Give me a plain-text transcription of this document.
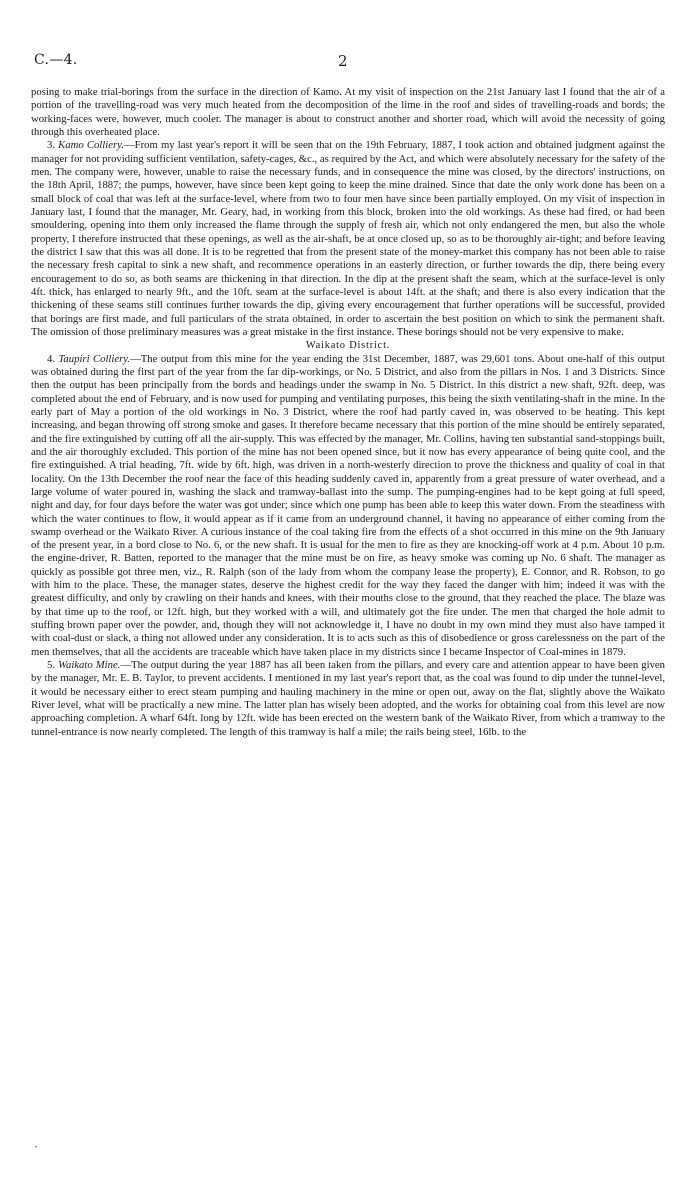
C.—4.	2

posing to make trial-borings from the surface in the direction of Kamo. At my visit of inspection on the 21st January last I found that the air of a portion of the travelling-road was very much heated from the decomposition of the lime in the roof and sides of travelling-roads and bords; the working-faces were, however, much cooler. The manager is about to construct another and shorter road, which will avoid the necessity of going through this overheated place.

3. Kamo Colliery.—From my last year's report it will be seen that on the 19th February, 1887, I took action and obtained judgment against the manager for not providing sufficient ventilation, safety-cages, &c., as required by the Act, and which were absolutely necessary for the safety of the men. The company were, however, unable to raise the necessary funds, and in consequence the mine was closed, by the directors' instructions, on the 18th April, 1887; the pumps, however, have since been kept going to keep the mine drained. Since that date the only work done has been on a small block of coal that was left at the surface-level, where from two to four men have since been partially employed. On my visit of inspection in January last, I found that the manager, Mr. Geary, had, in working from this block, broken into the old workings. As these had fired, or had been smouldering, opening into them only increased the flame through the supply of fresh air, which not only endangered the men, but also the whole property, I therefore instructed that these openings, as well as the air-shaft, be at once closed up, so as to be thoroughly air-tight; and before leaving the district I saw that this was all done. It is to be regretted that from the present state of the money-market this company has not been able to raise the necessary fresh capital to sink a new shaft, and recommence operations in an easterly direction, or further towards the dip, there being every encouragement to do so, as both seams are thickening in that direction. In the dip at the present shaft the seam, which at the surface-level is only 4ft. thick, has enlarged to nearly 9ft., and the 10ft. seam at the surface-level is about 14ft. at the shaft; and there is also every indication that the thickening of these seams still continues further towards the dip, giving every encouragement that further operations will be successful, provided that borings are first made, and full particulars of the strata obtained, in order to ascertain the best position on which to sink the permanent shaft. The omission of those preliminary measures was a great mistake in the first instance. These borings should not be very expensive to make.

Waikato District.

4. Taupiri Colliery.—The output from this mine for the year ending the 31st December, 1887, was 29,601 tons. About one-half of this output was obtained during the first part of the year from the far dip-workings, or No. 5 District, and also from the pillars in Nos. 1 and 3 Districts. Since then the output has been principally from the bords and headings under the swamp in No. 5 District. In this district a new shaft, 92ft. deep, was completed about the end of February, and is now used for pumping and ventilating purposes, this being the sixth ventilating-shaft in the mine. In the early part of May a portion of the old workings in No. 3 District, where the roof had partly caved in, was observed to be heating. This kept increasing, and began throwing off strong smoke and gases. It therefore became necessary that this portion of the mine should be entirely separated, and the fire extinguished by cutting off all the air-supply. This was effected by the manager, Mr. Collins, having ten substantial sand-stoppings built, and the air thoroughly excluded. This portion of the mine has not been opened since, but it now has every appearance of being quite cool, and the fire extinguished. A trial heading, 7ft. wide by 6ft. high, was driven in a north-westerly direction to prove the thickness and quality of coal in that locality. On the 13th December the roof near the face of this heading suddenly caved in, apparently from a great pressure of water overhead, and a large volume of water poured in, washing the slack and tramway-ballast into the sump. The pumping-engines had to be kept going at full speed, night and day, for four days before the water was got under; since which one pump has been able to keep this water down. From the steadiness with which the water continues to flow, it would appear as if it came from an underground channel, it having no appearance of either coming from the swamp overhead or the Waikato River. A curious instance of the coal taking fire from the effects of a shot occurred in this mine on the 9th January of the present year, in a bord close to No. 6, or the new shaft. It is usual for the men to fire as they are knocking-off work at 4 p.m. About 10 p.m. the engine-driver, R. Batten, reported to the manager that the mine must be on fire, as heavy smoke was coming up No. 6 shaft. The manager as quickly as possible got three men, viz., R. Ralph (son of the lady from whom the company lease the property), E. Connor, and R. Robson, to go with him to the place. These, the manager states, deserve the highest credit for the way they faced the danger with him; indeed it was with the greatest difficulty, and only by crawling on their hands and knees, with their mouths close to the ground, that they reached the place. The blaze was by that time up to the roof, or 12ft. high, but they worked with a will, and ultimately got the fire under. The men that charged the hole admit to stuffing brown paper over the powder, and, though they will not acknowledge it, I have no doubt in my own mind they must also have tamped it with coal-dust or slack, a thing not allowed under any consideration. It is to acts such as this of disobedience or gross carelessness on the part of the men themselves, that all the accidents are traceable which have taken place in my districts since I became Inspector of Coal-mines in 1879.

5. Waikato Mine.—The output during the year 1887 has all been taken from the pillars, and every care and attention appear to have been given by the manager, Mr. E. B. Taylor, to prevent accidents. I mentioned in my last year's report that, as the coal was found to dip under the tunnel-level, it would be necessary either to erect steam pumping and hauling machinery in the mine or open out, away on the flat, slightly above the Waikato River level, what will be practically a new mine. The latter plan has wisely been adopted, and the works for obtaining coal from this level are now approaching completion. A wharf 64ft. long by 12ft. wide has been erected on the western bank of the Waikato River, from which a tramway to the tunnel-entrance is now nearly completed. The length of this tramway is half a mile; the rails being steel, 16lb. to the

·
